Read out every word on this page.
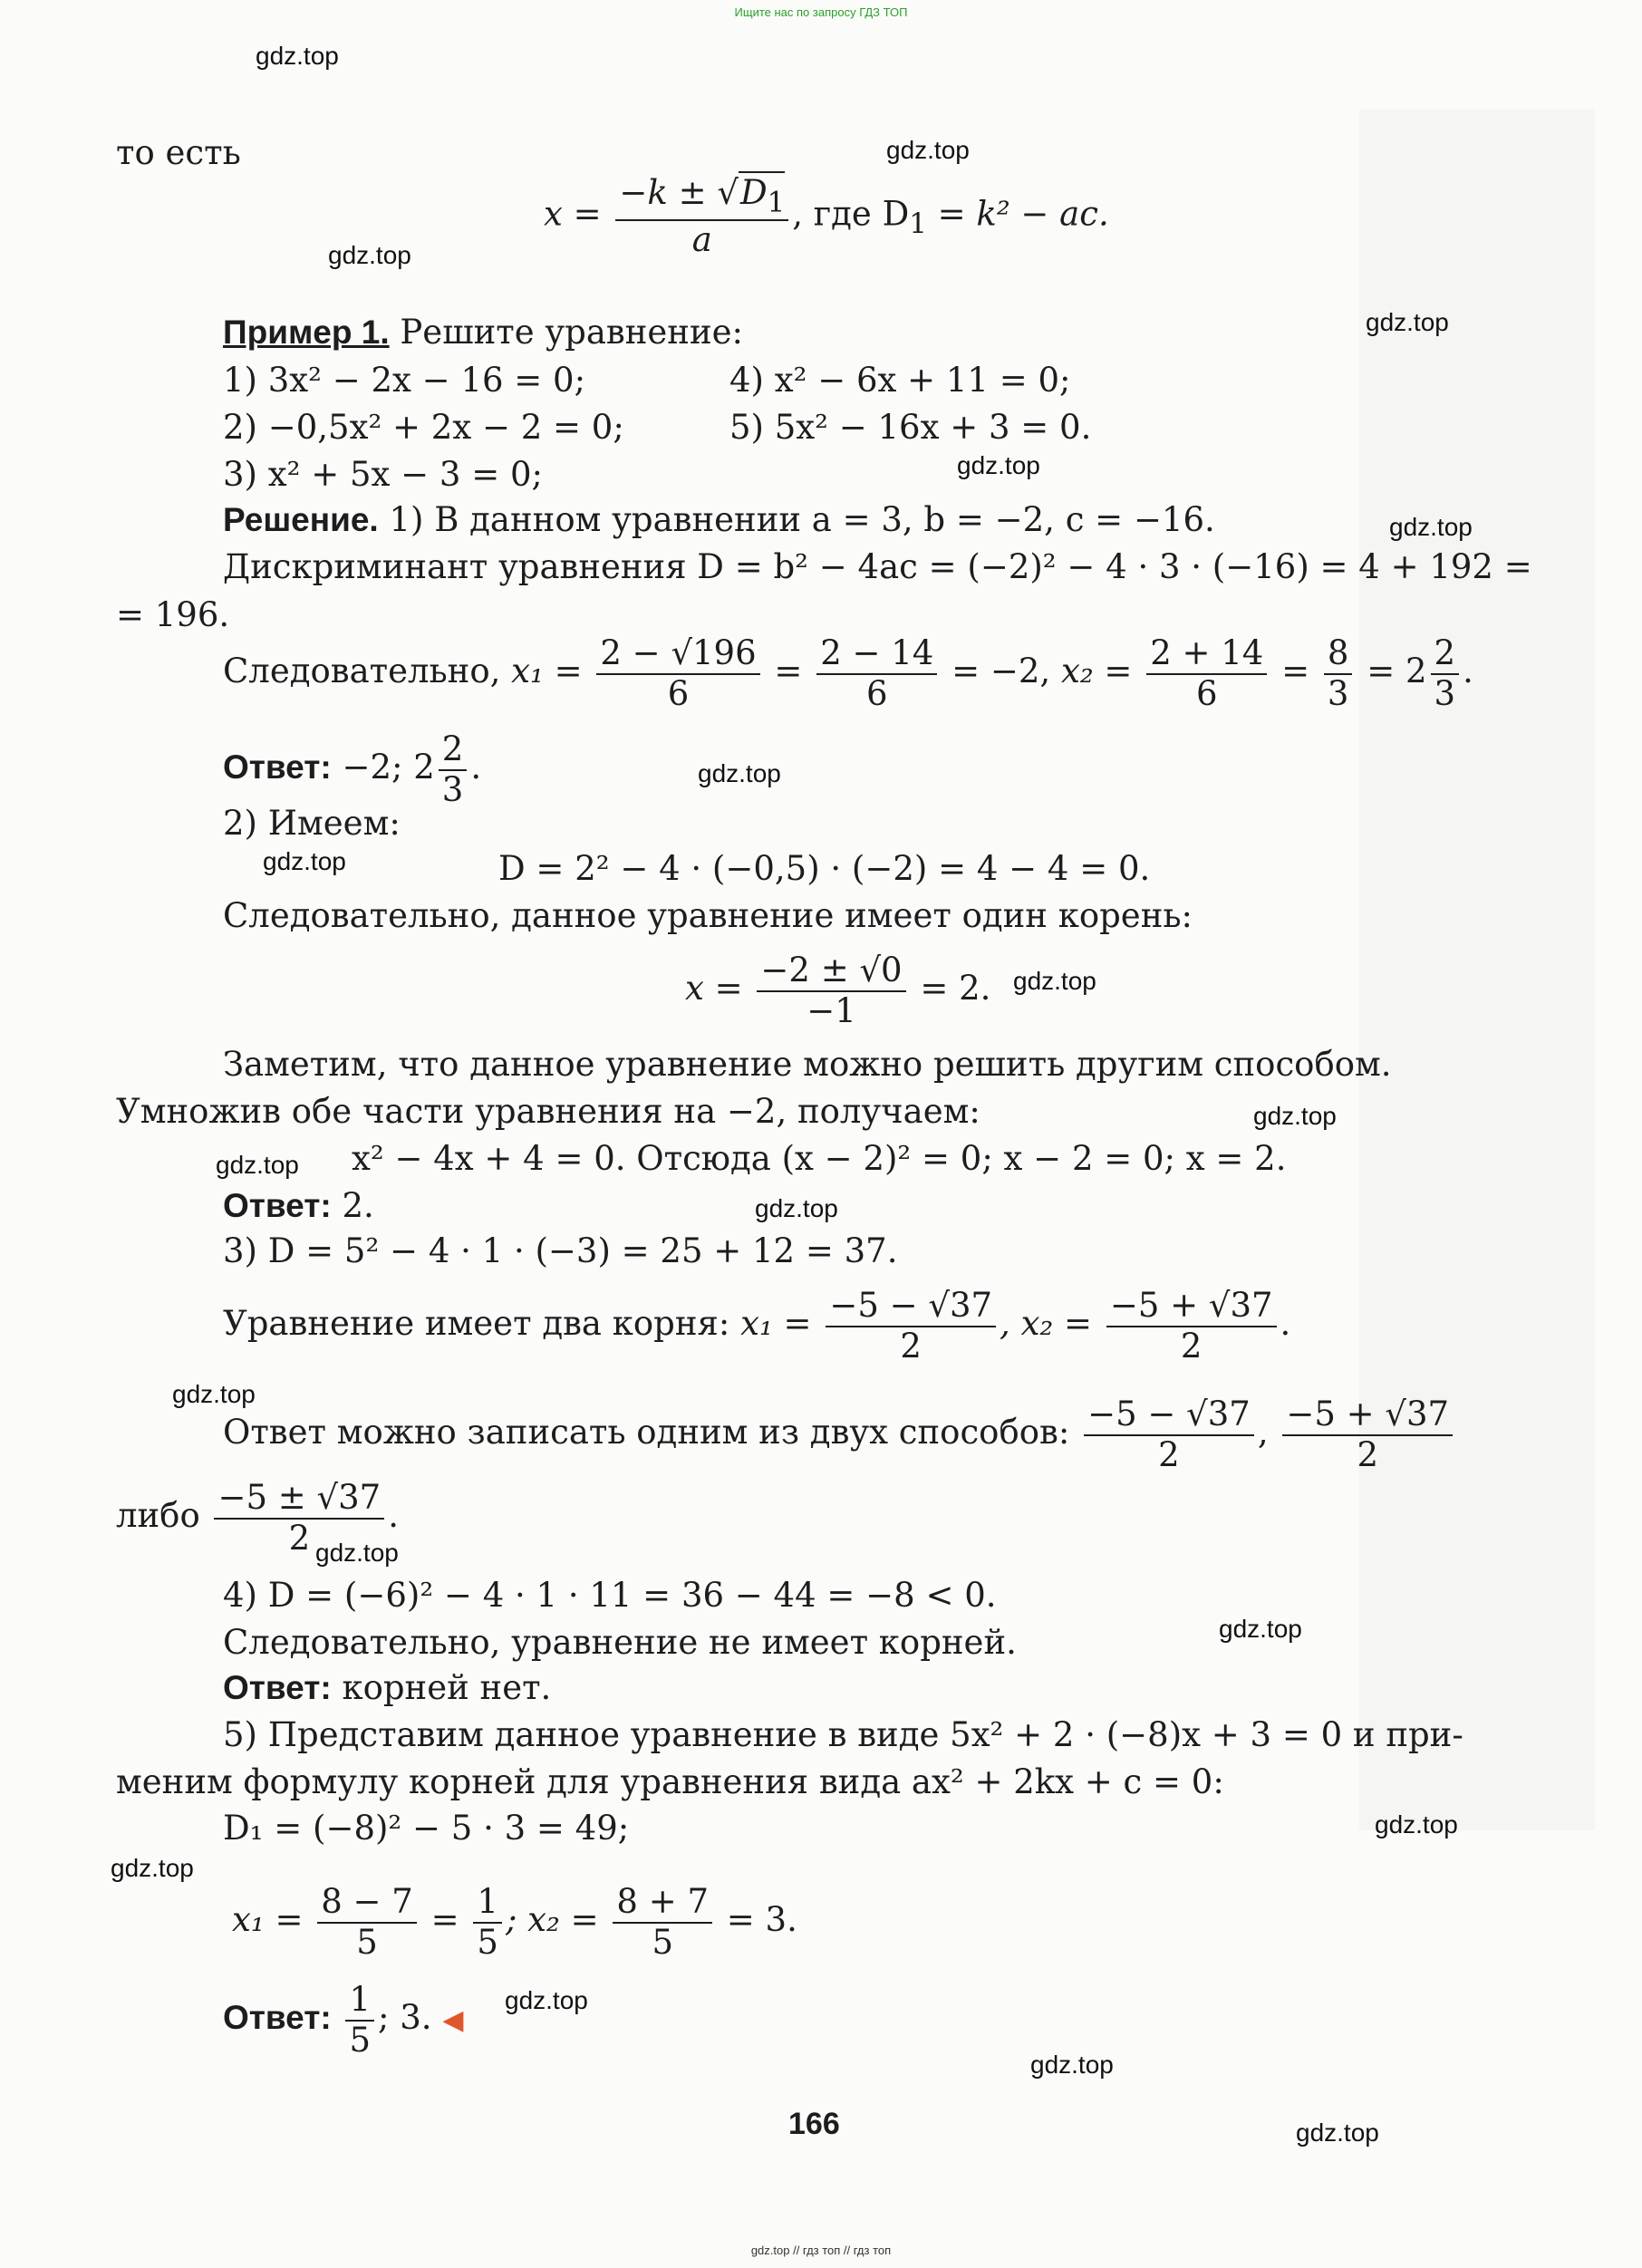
Ищите нас по запросу ГДЗ ТОП
gdz.top
gdz.top
gdz.top
gdz.top
gdz.top
gdz.top
gdz.top
gdz.top
gdz.top
gdz.top
gdz.top
gdz.top
gdz.top
gdz.top
gdz.top
gdz.top
gdz.top
gdz.top
gdz.top
gdz.top
то есть
$x = \frac{-k \pm √D_1}{a}$ , где $D_1 = k^2$ − ac.
Пример 1. Решите уравнение:
1) 3x² − 2x − 16 = 0;	4) x² − 6x + 11 = 0;
2) −0,5x² + 2x − 2 = 0;	5) 5x² − 16x + 3 = 0.
3) x² + 5x − 3 = 0;
Решение. 1) В данном уравнении a = 3, b = −2, c = −16.
Дискриминант уравнения D = b² − 4ac = (−2)² − 4 · 3 · (−16) = 4 + 192 =
= 196.
Следовательно, $x_1 = \frac{2 - √196}{6} = \frac{2 - 14}{6} = -2$, $x_2 = \frac{2 + 14}{6} = \frac{8}{3} = 2 \frac{2}{3}$ .
Ответ: −2; $2 \frac{2}{3}$ .
2) Имеем:
D = 2² − 4 · (−0,5) · (−2) = 4 − 4 = 0.
Следовательно, данное уравнение имеет один корень:
$x = \frac{-2 \pm √0}{-1} = 2$.
Заметим, что данное уравнение можно решить другим способом.
Умножив обе части уравнения на −2, получаем:
x² − 4x + 4 = 0. Отсюда (x − 2)² = 0; x − 2 = 0; x = 2.
Ответ: 2.
3) D = 5² − 4 · 1 · (−3) = 25 + 12 = 37.
Уравнение имеет два корня: $x_1 = \frac{-5 - √37}{2}$ , $x_2 = \frac{-5 + √37}{2}$ .
Ответ можно записать одним из двух способов: $\frac{-5 - √37}{2}$ , $\frac{-5 + √37}{2}$
либо $\frac{-5 \pm √37}{2}$ .
4) D = (−6)² − 4 · 1 · 11 = 36 − 44 = −8 < 0.
Следовательно, уравнение не имеет корней.
Ответ: корней нет.
5) Представим данное уравнение в виде 5x² + 2 · (−8)x + 3 = 0 и при-
меним формулу корней для уравнения вида ax² + 2kx + c = 0:
D₁ = (−8)² − 5 · 3 = 49;
$x_1 = \frac{8 - 7}{5} = \frac{1}{5}$ ; $x_2 = \frac{8 + 7}{5} = 3$.
Ответ: $\frac{1}{5}$ ; 3. ◀
166
gdz.top // гдз топ // гдз топ
